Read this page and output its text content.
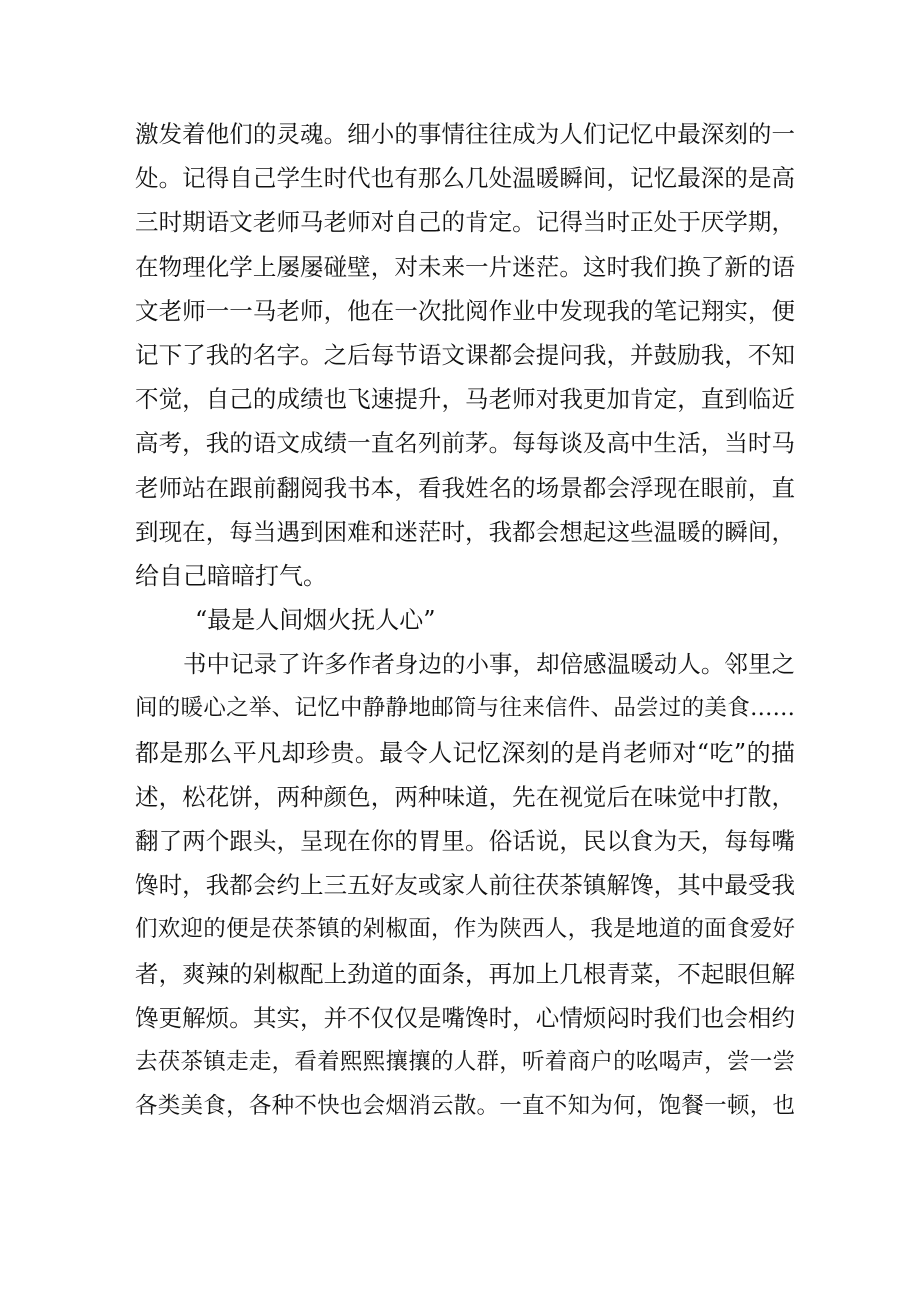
激发着他们的灵魂。细小的事情往往成为人们记忆中最深刻的一
处。记得自己学生时代也有那么几处温暖瞬间，记忆最深的是高
三时期语文老师马老师对自己的肯定。记得当时正处于厌学期，
在物理化学上屡屡碰壁，对未来一片迷茫。这时我们换了新的语
文老师一一马老师，他在一次批阅作业中发现我的笔记翔实，便
记下了我的名字。之后每节语文课都会提问我，并鼓励我，不知
不觉，自己的成绩也飞速提升，马老师对我更加肯定，直到临近
高考，我的语文成绩一直名列前茅。每每谈及高中生活，当时马
老师站在跟前翻阅我书本，看我姓名的场景都会浮现在眼前，直
到现在，每当遇到困难和迷茫时，我都会想起这些温暖的瞬间，
给自己暗暗打气。
“最是人间烟火抚人心”
书中记录了许多作者身边的小事，却倍感温暖动人。邻里之
间的暖心之举、记忆中静静地邮筒与往来信件、品尝过的美食……
都是那么平凡却珍贵。最令人记忆深刻的是肖老师对“吃”的描
述，松花饼，两种颜色，两种味道，先在视觉后在味觉中打散，
翻了两个跟头，呈现在你的胃里。俗话说，民以食为天，每每嘴
馋时，我都会约上三五好友或家人前往茯茶镇解馋，其中最受我
们欢迎的便是茯茶镇的剁椒面，作为陕西人，我是地道的面食爱好
者，爽辣的剁椒配上劲道的面条，再加上几根青菜，不起眼但解
馋更解烦。其实，并不仅仅是嘴馋时，心情烦闷时我们也会相约
去茯茶镇走走，看着熙熙攘攘的人群，听着商户的吆喝声，尝一尝
各类美食，各种不快也会烟消云散。一直不知为何，饱餐一顿，也
